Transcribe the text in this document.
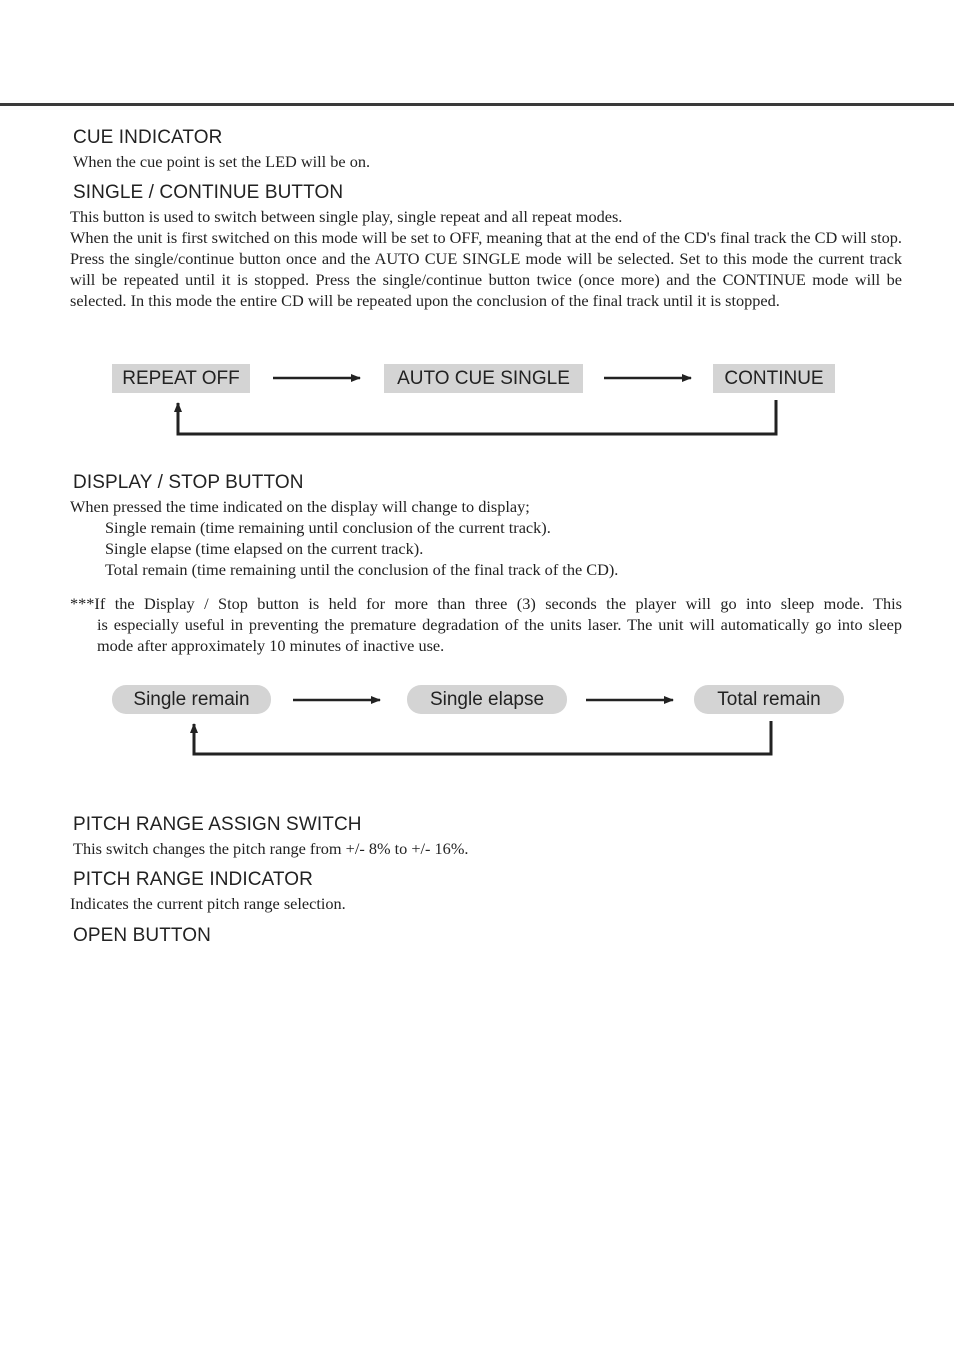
CUE INDICATOR

When the cue point is set the LED will be on.

SINGLE / CONTINUE BUTTON

This button is used to switch between single play, single repeat and all repeat modes.

When the unit is first switched on this mode will be set to OFF, meaning that at the end of the CD's final track the CD will stop. Press the single/continue button once and the AUTO CUE SINGLE mode will be selected. Set to this mode the current track will be repeated until it is stopped. Press the single/continue button twice (once more) and the CONTINUE mode will be selected. In this mode the entire CD will be repeated upon the conclusion of the final track until it is stopped.

REPEAT OFF	AUTO CUE SINGLE	CONTINUE
DISPLAY / STOP BUTTON

When pressed the time indicated on the display will change to display;

Single remain (time remaining until conclusion of the current track).

Single elapse (time elapsed on the current track).

Total remain (time remaining until the conclusion of the final track of the CD).

***If the Display / Stop button is held for more than three (3) seconds the player will go into sleep mode. This

is especially useful in preventing the premature degradation of the units laser. The unit will automatically go into sleep mode after approximately 10 minutes of inactive use.

Single remain	Single elapse	Total remain
PITCH RANGE ASSIGN SWITCH

This switch changes the pitch range from +/- 8% to +/- 16%.

PITCH RANGE INDICATOR

Indicates the current pitch range selection.

OPEN BUTTON
